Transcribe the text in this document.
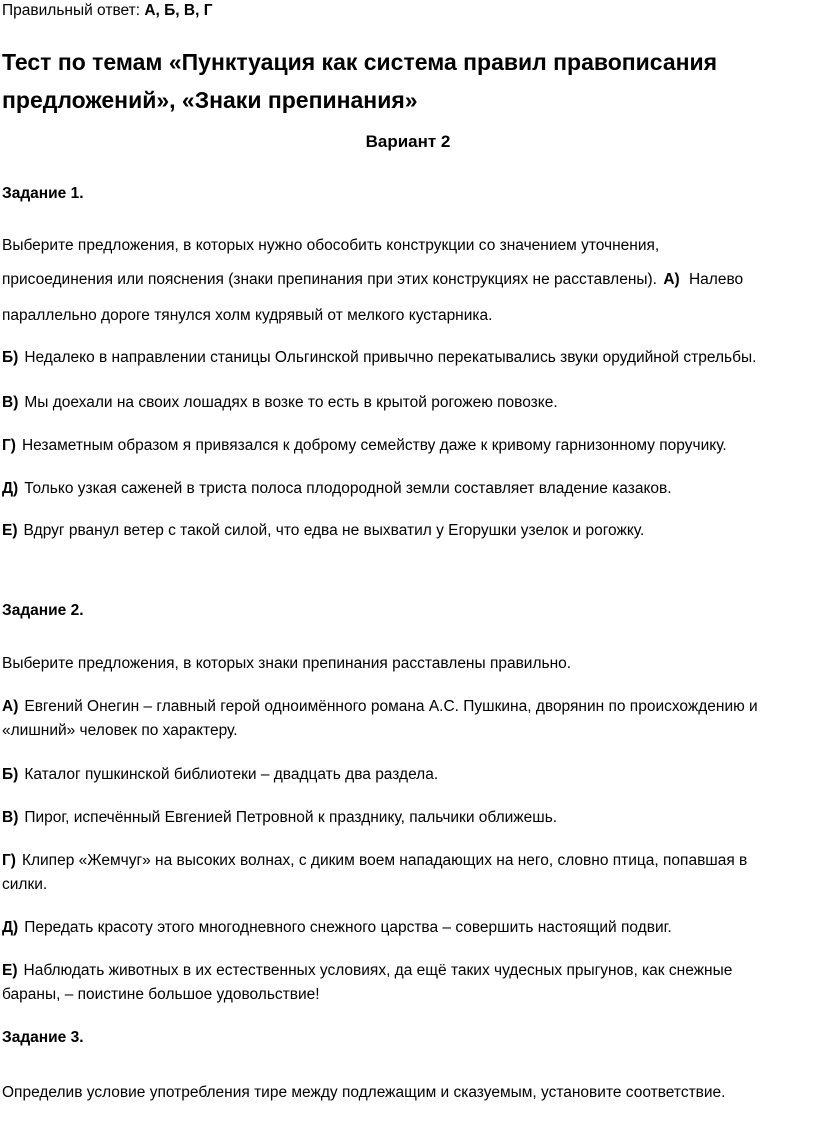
Правильный ответ: А, Б, В, Г
Тест по темам «Пунктуация как система правил правописания
предложений», «Знаки препинания»
Вариант 2
Задание 1.
Выберите предложения, в которых нужно обособить конструкции со значением уточнения,
присоединения или пояснения (знаки препинания при этих конструкциях не расставлены). А) Налево
параллельно дороге тянулся холм кудрявый от мелкого кустарника.
Б) Недалеко в направлении станицы Ольгинской привычно перекатывались звуки орудийной стрельбы.
В) Мы доехали на своих лошадях в возке то есть в крытой рогожею повозке.
Г) Незаметным образом я привязался к доброму семейству даже к кривому гарнизонному поручику.
Д) Только узкая саженей в триста полоса плодородной земли составляет владение казаков.
Е) Вдруг рванул ветер с такой силой, что едва не выхватил у Егорушки узелок и рогожку.
Задание 2.
Выберите предложения, в которых знаки препинания расставлены правильно.
А) Евгений Онегин – главный герой одноимённого романа А.С. Пушкина, дворянин по происхождению и
«лишний» человек по характеру.
Б) Каталог пушкинской библиотеки – двадцать два раздела.
В) Пирог, испечённый Евгенией Петровной к празднику, пальчики оближешь.
Г) Клипер «Жемчуг» на высоких волнах, с диким воем нападающих на него, словно птица, попавшая в
силки.
Д) Передать красоту этого многодневного снежного царства – совершить настоящий подвиг.
Е) Наблюдать животных в их естественных условиях, да ещё таких чудесных прыгунов, как снежные
бараны, – поистине большое удовольствие!
Задание 3.
Определив условие употребления тире между подлежащим и сказуемым, установите соответствие.
